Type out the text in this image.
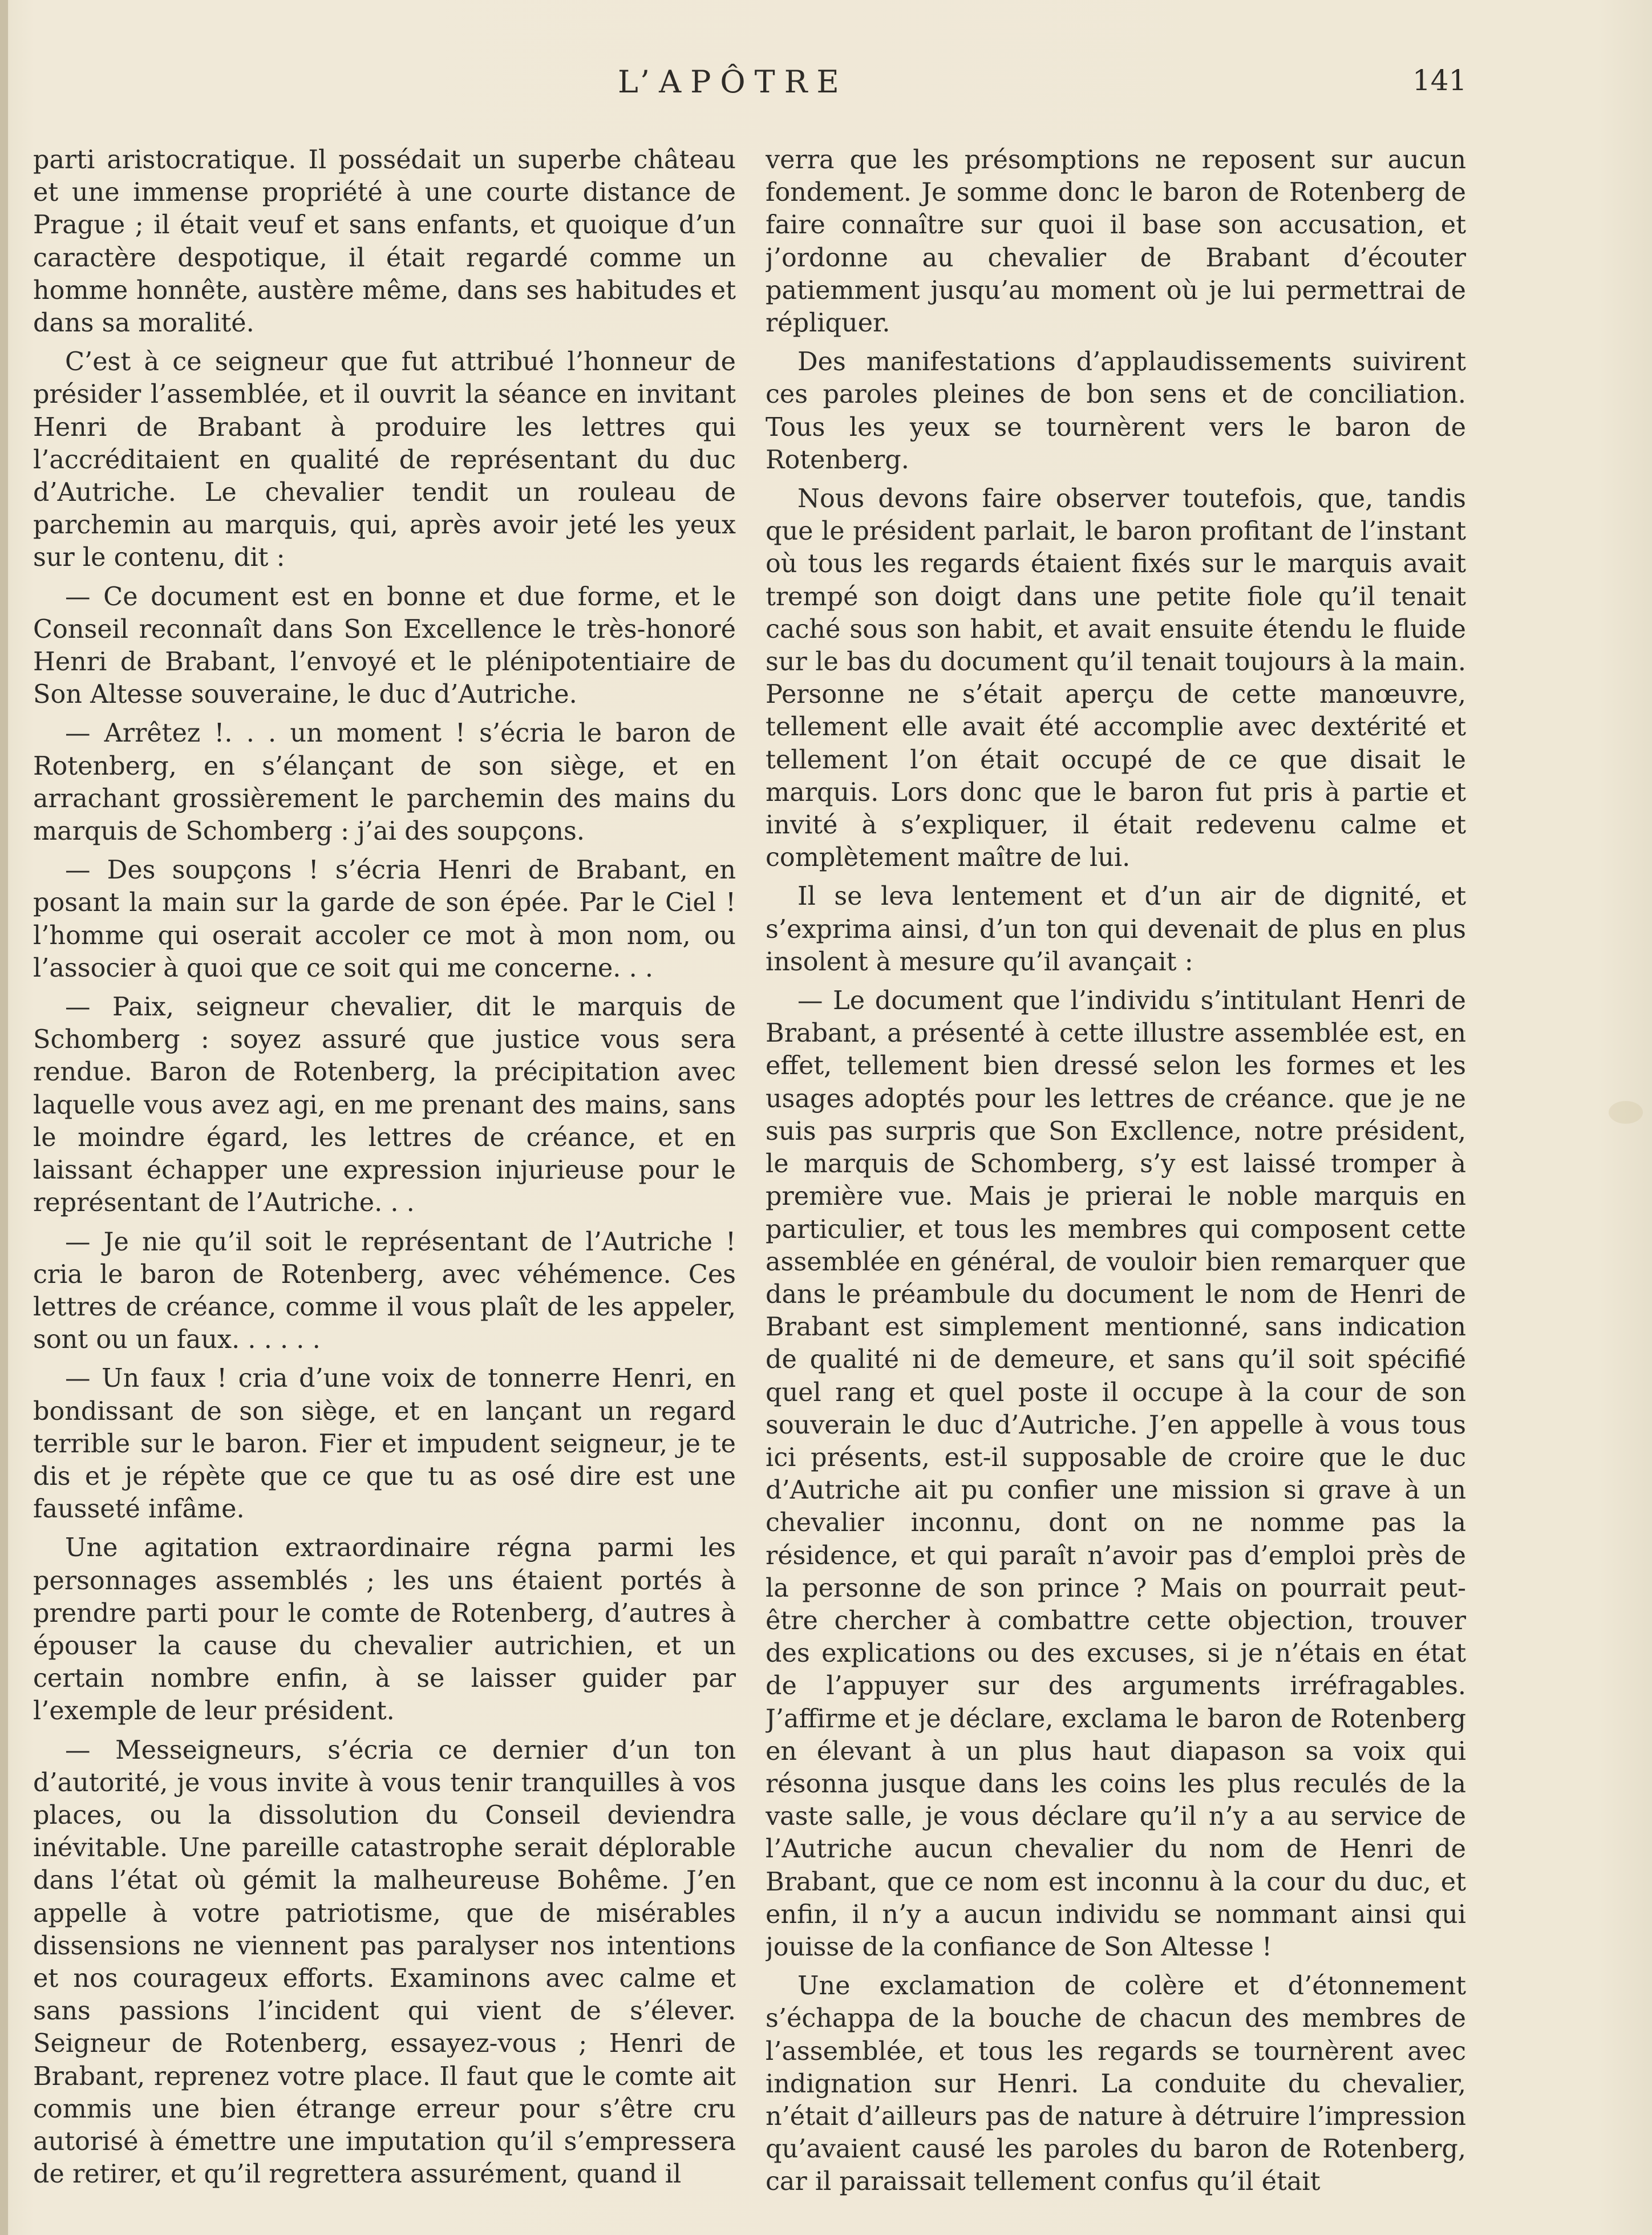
L’APÔTRE	141

parti aristocratique. Il possédait un superbe château et une immense propriété à une courte distance de Prague ; il était veuf et sans enfants, et quoique d’un caractère despotique, il était regardé comme un homme honnête, austère même, dans ses habitudes et dans sa moralité.

C’est à ce seigneur que fut attribué l’honneur de présider l’assemblée, et il ouvrit la séance en invitant Henri de Brabant à produire les lettres qui l’accréditaient en qualité de représentant du duc d’Autriche. Le chevalier tendit un rouleau de parchemin au marquis, qui, après avoir jeté les yeux sur le contenu, dit :

— Ce document est en bonne et due forme, et le Conseil reconnaît dans Son Excellence le très-honoré Henri de Brabant, l’envoyé et le plénipotentiaire de Son Altesse souveraine, le duc d’Autriche.

— Arrêtez !. . . un moment ! s’écria le baron de Rotenberg, en s’élançant de son siège, et en arrachant grossièrement le parchemin des mains du marquis de Schomberg : j’ai des soupçons.

— Des soupçons ! s’écria Henri de Brabant, en posant la main sur la garde de son épée. Par le Ciel ! l’homme qui oserait accoler ce mot à mon nom, ou l’associer à quoi que ce soit qui me concerne. . .

— Paix, seigneur chevalier, dit le marquis de Schomberg : soyez assuré que justice vous sera rendue. Baron de Rotenberg, la précipitation avec laquelle vous avez agi, en me prenant des mains, sans le moindre égard, les lettres de créance, et en laissant échapper une expression injurieuse pour le représentant de l’Autriche. . .

— Je nie qu’il soit le représentant de l’Autriche ! cria le baron de Rotenberg, avec véhémence. Ces lettres de créance, comme il vous plaît de les appeler, sont ou un faux. . . . . .

— Un faux ! cria d’une voix de tonnerre Henri, en bondissant de son siège, et en lançant un regard terrible sur le baron. Fier et impudent seigneur, je te dis et je répète que ce que tu as osé dire est une fausseté infâme.

Une agitation extraordinaire régna parmi les personnages assemblés ; les uns étaient portés à prendre parti pour le comte de Rotenberg, d’autres à épouser la cause du chevalier autrichien, et un certain nombre enfin, à se laisser guider par l’exemple de leur président.

— Messeigneurs, s’écria ce dernier d’un ton d’autorité, je vous invite à vous tenir tranquilles à vos places, ou la dissolution du Conseil deviendra inévitable. Une pareille catastrophe serait déplorable dans l’état où gémit la malheureuse Bohême. J’en appelle à votre patriotisme, que de misérables dissensions ne viennent pas paralyser nos intentions et nos courageux efforts. Examinons avec calme et sans passions l’incident qui vient de s’élever. Seigneur de Rotenberg, essayez-vous ; Henri de Brabant, reprenez votre place. Il faut que le comte ait commis une bien étrange erreur pour s’être cru autorisé à émettre une imputation qu’il s’empressera de retirer, et qu’il regrettera assurément, quand il

verra que les présomptions ne reposent sur aucun fondement. Je somme donc le baron de Rotenberg de faire connaître sur quoi il base son accusation, et j’ordonne au chevalier de Brabant d’écouter patiemment jusqu’au moment où je lui permettrai de répliquer.

Des manifestations d’applaudissements suivirent ces paroles pleines de bon sens et de conciliation. Tous les yeux se tournèrent vers le baron de Rotenberg.

Nous devons faire observer toutefois, que, tandis que le président parlait, le baron profitant de l’instant où tous les regards étaient fixés sur le marquis avait trempé son doigt dans une petite fiole qu’il tenait caché sous son habit, et avait ensuite étendu le fluide sur le bas du document qu’il tenait toujours à la main. Personne ne s’était aperçu de cette manœuvre, tellement elle avait été accomplie avec dextérité et tellement l’on était occupé de ce que disait le marquis. Lors donc que le baron fut pris à partie et invité à s’expliquer, il était redevenu calme et complètement maître de lui.

Il se leva lentement et d’un air de dignité, et s’exprima ainsi, d’un ton qui devenait de plus en plus insolent à mesure qu’il avançait :

— Le document que l’individu s’intitulant Henri de Brabant, a présenté à cette illustre assemblée est, en effet, tellement bien dressé selon les formes et les usages adoptés pour les lettres de créance. que je ne suis pas surpris que Son Excllence, notre président, le marquis de Schomberg, s’y est laissé tromper à première vue. Mais je prierai le noble marquis en particulier, et tous les membres qui composent cette assemblée en général, de vouloir bien remarquer que dans le préambule du document le nom de Henri de Brabant est simplement mentionné, sans indication de qualité ni de demeure, et sans qu’il soit spécifié quel rang et quel poste il occupe à la cour de son souverain le duc d’Autriche. J’en appelle à vous tous ici présents, est-il supposable de croire que le duc d’Autriche ait pu confier une mission si grave à un chevalier inconnu, dont on ne nomme pas la résidence, et qui paraît n’avoir pas d’emploi près de la personne de son prince ? Mais on pourrait peut-être chercher à combattre cette objection, trouver des explications ou des excuses, si je n’étais en état de l’appuyer sur des arguments irréfragables. J’affirme et je déclare, exclama le baron de Rotenberg en élevant à un plus haut diapason sa voix qui résonna jusque dans les coins les plus reculés de la vaste salle, je vous déclare qu’il n’y a au service de l’Autriche aucun chevalier du nom de Henri de Brabant, que ce nom est inconnu à la cour du duc, et enfin, il n’y a aucun individu se nommant ainsi qui jouisse de la confiance de Son Altesse !

Une exclamation de colère et d’étonnement s’échappa de la bouche de chacun des membres de l’assemblée, et tous les regards se tournèrent avec indignation sur Henri. La conduite du chevalier, n’était d’ailleurs pas de nature à détruire l’impression qu’avaient causé les paroles du baron de Rotenberg, car il paraissait tellement confus qu’il était
